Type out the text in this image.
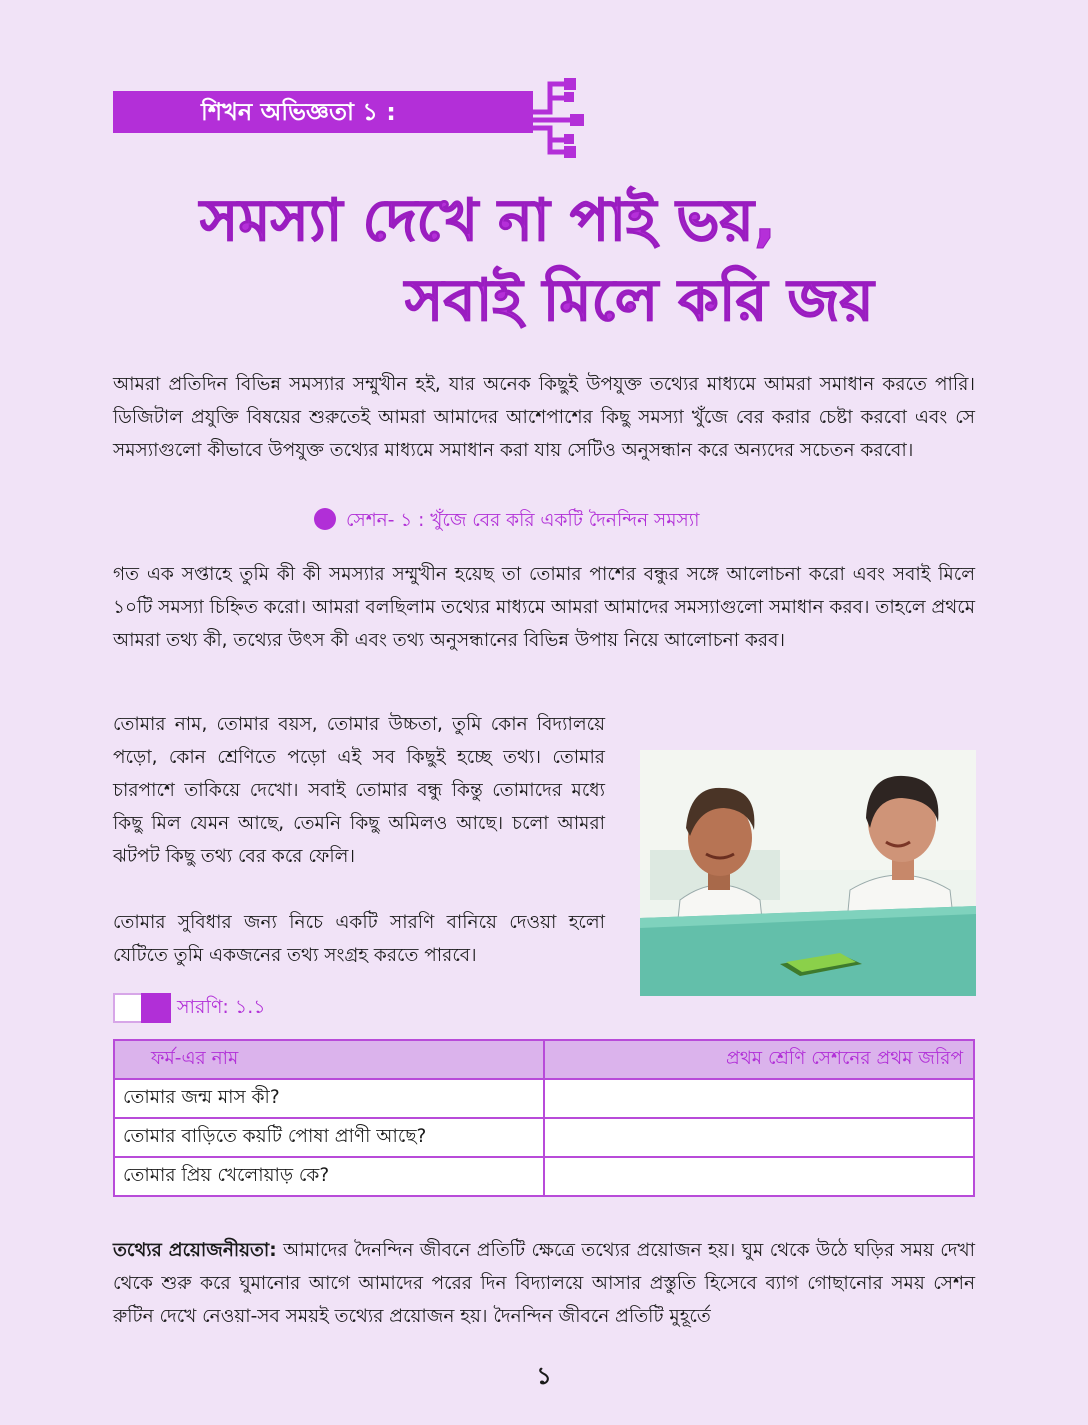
শিখন অভিজ্ঞতা ১ :
সমস্যা দেখে না পাই ভয়,
সবাই মিলে করি জয়

আমরা প্রতিদিন বিভিন্ন সমস্যার সম্মুখীন হই, যার অনেক কিছুই উপযুক্ত তথ্যের মাধ্যমে আমরা সমাধান করতে পারি। ডিজিটাল প্রযুক্তি বিষয়ের শুরুতেই আমরা আমাদের আশেপাশের কিছু সমস্যা খুঁজে বের করার চেষ্টা করবো এবং সে সমস্যাগুলো কীভাবে উপযুক্ত তথ্যের মাধ্যমে সমাধান করা যায় সেটিও অনুসন্ধান করে অন্যদের সচেতন করবো।

সেশন- ১ : খুঁজে বের করি একটি দৈনন্দিন সমস্যা

গত এক সপ্তাহে তুমি কী কী সমস্যার সম্মুখীন হয়েছ তা তোমার পাশের বন্ধুর সঙ্গে আলোচনা করো এবং সবাই মিলে ১০টি সমস্যা চিহ্নিত করো। আমরা বলছিলাম তথ্যের মাধ্যমে আমরা আমাদের সমস্যাগুলো সমাধান করব। তাহলে প্রথমে আমরা তথ্য কী, তথ্যের উৎস কী এবং তথ্য অনুসন্ধানের বিভিন্ন উপায় নিয়ে আলোচনা করব।

তোমার নাম, তোমার বয়স, তোমার উচ্চতা, তুমি কোন বিদ্যালয়ে পড়ো, কোন শ্রেণিতে পড়ো এই সব কিছুই হচ্ছে তথ্য। তোমার চারপাশে তাকিয়ে দেখো। সবাই তোমার বন্ধু কিন্তু তোমাদের মধ্যে কিছু মিল যেমন আছে, তেমনি কিছু অমিলও আছে। চলো আমরা ঝটপট কিছু তথ্য বের করে ফেলি।

তোমার সুবিধার জন্য নিচে একটি সারণি বানিয়ে দেওয়া হলো যেটিতে তুমি একজনের তথ্য সংগ্রহ করতে পারবে।

সারণি: ১.১
ফর্ম-এর নাম	প্রথম শ্রেণি সেশনের প্রথম জরিপ
তোমার জন্ম মাস কী?	
তোমার বাড়িতে কয়টি পোষা প্রাণী আছে?	
তোমার প্রিয় খেলোয়াড় কে?	

তথ্যের প্রয়োজনীয়তা: আমাদের দৈনন্দিন জীবনে প্রতিটি ক্ষেত্রে তথ্যের প্রয়োজন হয়। ঘুম থেকে উঠে ঘড়ির সময় দেখা থেকে শুরু করে ঘুমানোর আগে আমাদের পরের দিন বিদ্যালয়ে আসার প্রস্তুতি হিসেবে ব্যাগ গোছানোর সময় সেশন রুটিন দেখে নেওয়া-সব সময়ই তথ্যের প্রয়োজন হয়। দৈনন্দিন জীবনে প্রতিটি মুহূর্তে

১
